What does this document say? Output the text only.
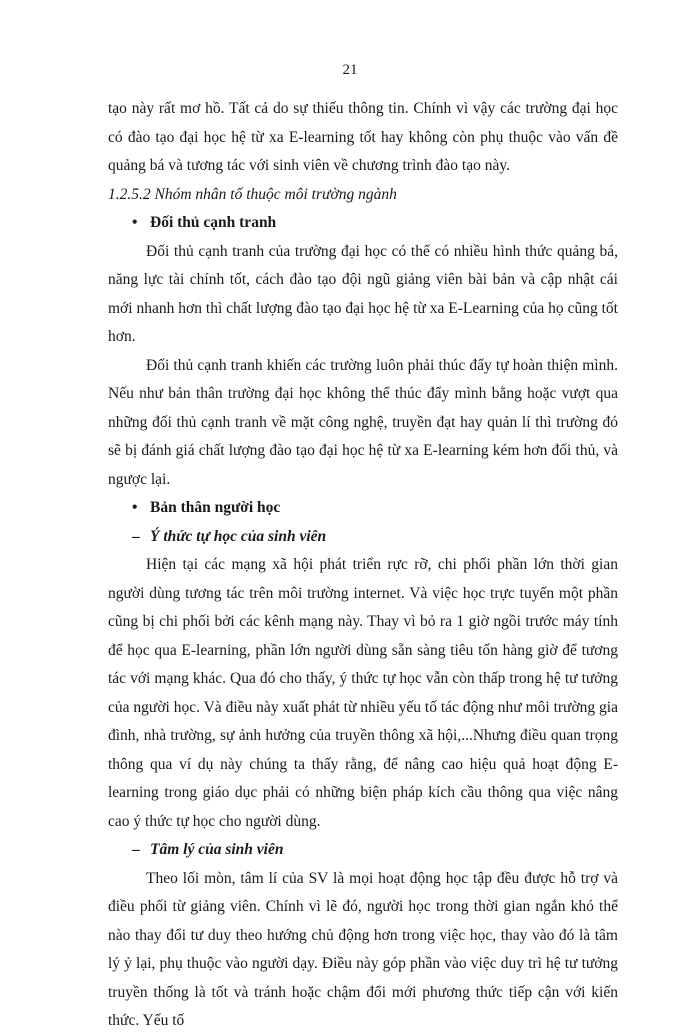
21

tạo này rất mơ hồ. Tất cả do sự thiếu thông tin. Chính vì vậy các trường đại học có đào tạo đại học hệ từ xa E-learning tốt hay không còn phụ thuộc vào vấn đề quảng bá và tương tác với sinh viên về chương trình đào tạo này.

1.2.5.2 Nhóm nhân tố thuộc môi trường ngành

• Đối thủ cạnh tranh

Đối thủ cạnh tranh của trường đại học có thể có nhiều hình thức quảng bá, năng lực tài chính tốt, cách đào tạo đội ngũ giảng viên bài bản và cập nhật cái mới nhanh hơn thì chất lượng đào tạo đại học hệ từ xa E-Learning của họ cũng tốt hơn.

Đối thủ cạnh tranh khiến các trường luôn phải thúc đẩy tự hoàn thiện mình. Nếu như bản thân trường đại học không thể thúc đẩy mình bằng hoặc vượt qua những đối thủ cạnh tranh về mặt công nghệ, truyền đạt hay quản lí thì trường đó sẽ bị đánh giá chất lượng đào tạo đại học hệ từ xa E-learning kém hơn đối thủ, và ngược lại.

• Bản thân người học

– Ý thức tự học của sinh viên

Hiện tại các mạng xã hội phát triển rực rỡ, chi phối phần lớn thời gian người dùng tương tác trên môi trường internet. Và việc học trực tuyến một phần cũng bị chi phối bởi các kênh mạng này. Thay vì bỏ ra 1 giờ ngồi trước máy tính để học qua E-learning, phần lớn người dùng sẵn sàng tiêu tốn hàng giờ để tương tác với mạng khác. Qua đó cho thấy, ý thức tự học vẫn còn thấp trong hệ tư tưởng của người học. Và điều này xuất phát từ nhiều yếu tố tác động như môi trường gia đình, nhà trường, sự ảnh hưởng của truyền thông xã hội,...Nhưng điều quan trọng thông qua ví dụ này chúng ta thấy rằng, để nâng cao hiệu quả hoạt động E-learning trong giáo dục phải có những biện pháp kích cầu thông qua việc nâng cao ý thức tự học cho người dùng.

– Tâm lý của sinh viên

Theo lối mòn, tâm lí của SV là mọi hoạt động học tập đều được hỗ trợ và điều phối từ giảng viên. Chính vì lẽ đó, người học trong thời gian ngắn khó thể nào thay đổi tư duy theo hướng chủ động hơn trong việc học, thay vào đó là tâm lý ỷ lại, phụ thuộc vào người dạy. Điều này góp phần vào việc duy trì hệ tư tưởng truyền thống là tốt và tránh hoặc chậm đổi mới phương thức tiếp cận với kiến thức. Yếu tố
